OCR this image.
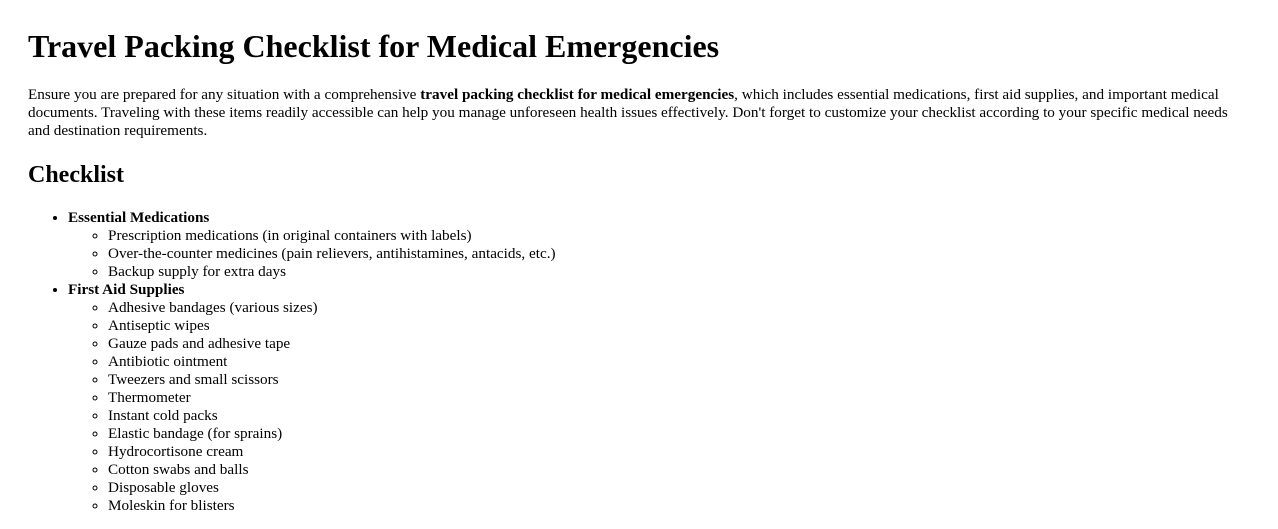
Travel Packing Checklist for Medical Emergencies

Ensure you are prepared for any situation with a comprehensive travel packing checklist for medical emergencies, which includes essential medications, first aid supplies, and important medical documents. Traveling with these items readily accessible can help you manage unforeseen health issues effectively. Don't forget to customize your checklist according to your specific medical needs and destination requirements.

Checklist
• Essential Medications
◦ Prescription medications (in original containers with labels)
◦ Over-the-counter medicines (pain relievers, antihistamines, antacids, etc.)
◦ Backup supply for extra days
• First Aid Supplies
◦ Adhesive bandages (various sizes)
◦ Antiseptic wipes
◦ Gauze pads and adhesive tape
◦ Antibiotic ointment
◦ Tweezers and small scissors
◦ Thermometer
◦ Instant cold packs
◦ Elastic bandage (for sprains)
◦ Hydrocortisone cream
◦ Cotton swabs and balls
◦ Disposable gloves
◦ Moleskin for blisters
